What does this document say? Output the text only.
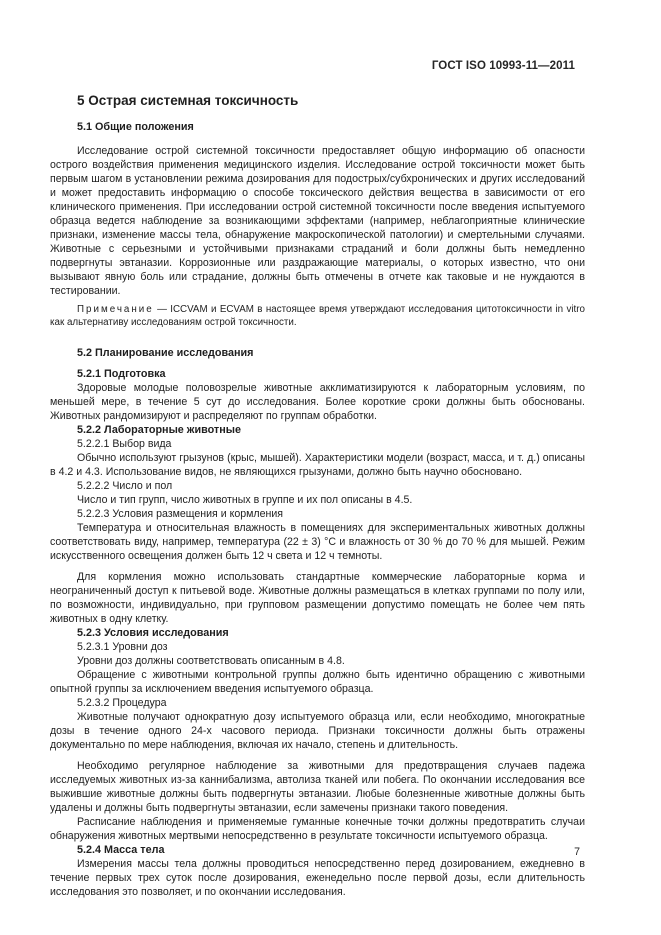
ГОСТ ISO 10993-11—2011
5 Острая системная токсичность
5.1 Общие положения

Исследование острой системной токсичности предоставляет общую информацию об опасности острого воздействия применения медицинского изделия. Исследование острой токсичности может быть первым шагом в установлении режима дозирования для подострых/субхронических и других исследований и может предоставить информацию о способе токсического действия вещества в зависимости от его клинического применения. При исследовании острой системной токсичности после введения испытуемого образца ведется наблюдение за возникающими эффектами (например, неблагоприятные клинические признаки, изменение массы тела, обнаружение макроскопической патологии) и смертельными случаями. Животные с серьезными и устойчивыми признаками страданий и боли должны быть немедленно подвергнуты эвтаназии. Коррозионные или раздражающие материалы, о которых известно, что они вызывают явную боль или страдание, должны быть отмечены в отчете как таковые и не нуждаются в тестировании.

Примечание — ICCVAM и ECVAM в настоящее время утверждают исследования цитотоксичности in vitro как альтернативу исследованиям острой токсичности.

5.2 Планирование исследования
5.2.1 Подготовка

Здоровые молодые половозрелые животные акклиматизируются к лабораторным условиям, по меньшей мере, в течение 5 сут до исследования. Более короткие сроки должны быть обоснованы. Животных рандомизируют и распределяют по группам обработки.

5.2.2 Лабораторные животные
5.2.2.1 Выбор вида

Обычно используют грызунов (крыс, мышей). Характеристики модели (возраст, масса, и т. д.) описаны в 4.2 и 4.3. Использование видов, не являющихся грызунами, должно быть научно обосновано.

5.2.2.2 Число и пол

Число и тип групп, число животных в группе и их пол описаны в 4.5.

5.2.2.3 Условия размещения и кормления

Температура и относительная влажность в помещениях для экспериментальных животных должны соответствовать виду, например, температура (22 ± 3) °С и влажность от 30 % до 70 % для мышей. Режим искусственного освещения должен быть 12 ч света и 12 ч темноты.

Для кормления можно использовать стандартные коммерческие лабораторные корма и неограниченный доступ к питьевой воде. Животные должны размещаться в клетках группами по полу или, по возможности, индивидуально, при групповом размещении допустимо помещать не более чем пять животных в одну клетку.

5.2.3 Условия исследования
5.2.3.1 Уровни доз

Уровни доз должны соответствовать описанным в 4.8.

Обращение с животными контрольной группы должно быть идентично обращению с животными опытной группы за исключением введения испытуемого образца.

5.2.3.2 Процедура

Животные получают однократную дозу испытуемого образца или, если необходимо, многократные дозы в течение одного 24-х часового периода. Признаки токсичности должны быть отражены документально по мере наблюдения, включая их начало, степень и длительность.

Необходимо регулярное наблюдение за животными для предотвращения случаев падежа исследуемых животных из-за каннибализма, автолиза тканей или побега. По окончании исследования все выжившие животные должны быть подвергнуты эвтаназии. Любые болезненные животные должны быть удалены и должны быть подвергнуты эвтаназии, если замечены признаки такого поведения.

Расписание наблюдения и применяемые гуманные конечные точки должны предотвратить случаи обнаружения животных мертвыми непосредственно в результате токсичности испытуемого образца.

5.2.4 Масса тела

Измерения массы тела должны проводиться непосредственно перед дозированием, ежедневно в течение первых трех суток после дозирования, еженедельно после первой дозы, если длительность исследования это позволяет, и по окончании исследования.

7
